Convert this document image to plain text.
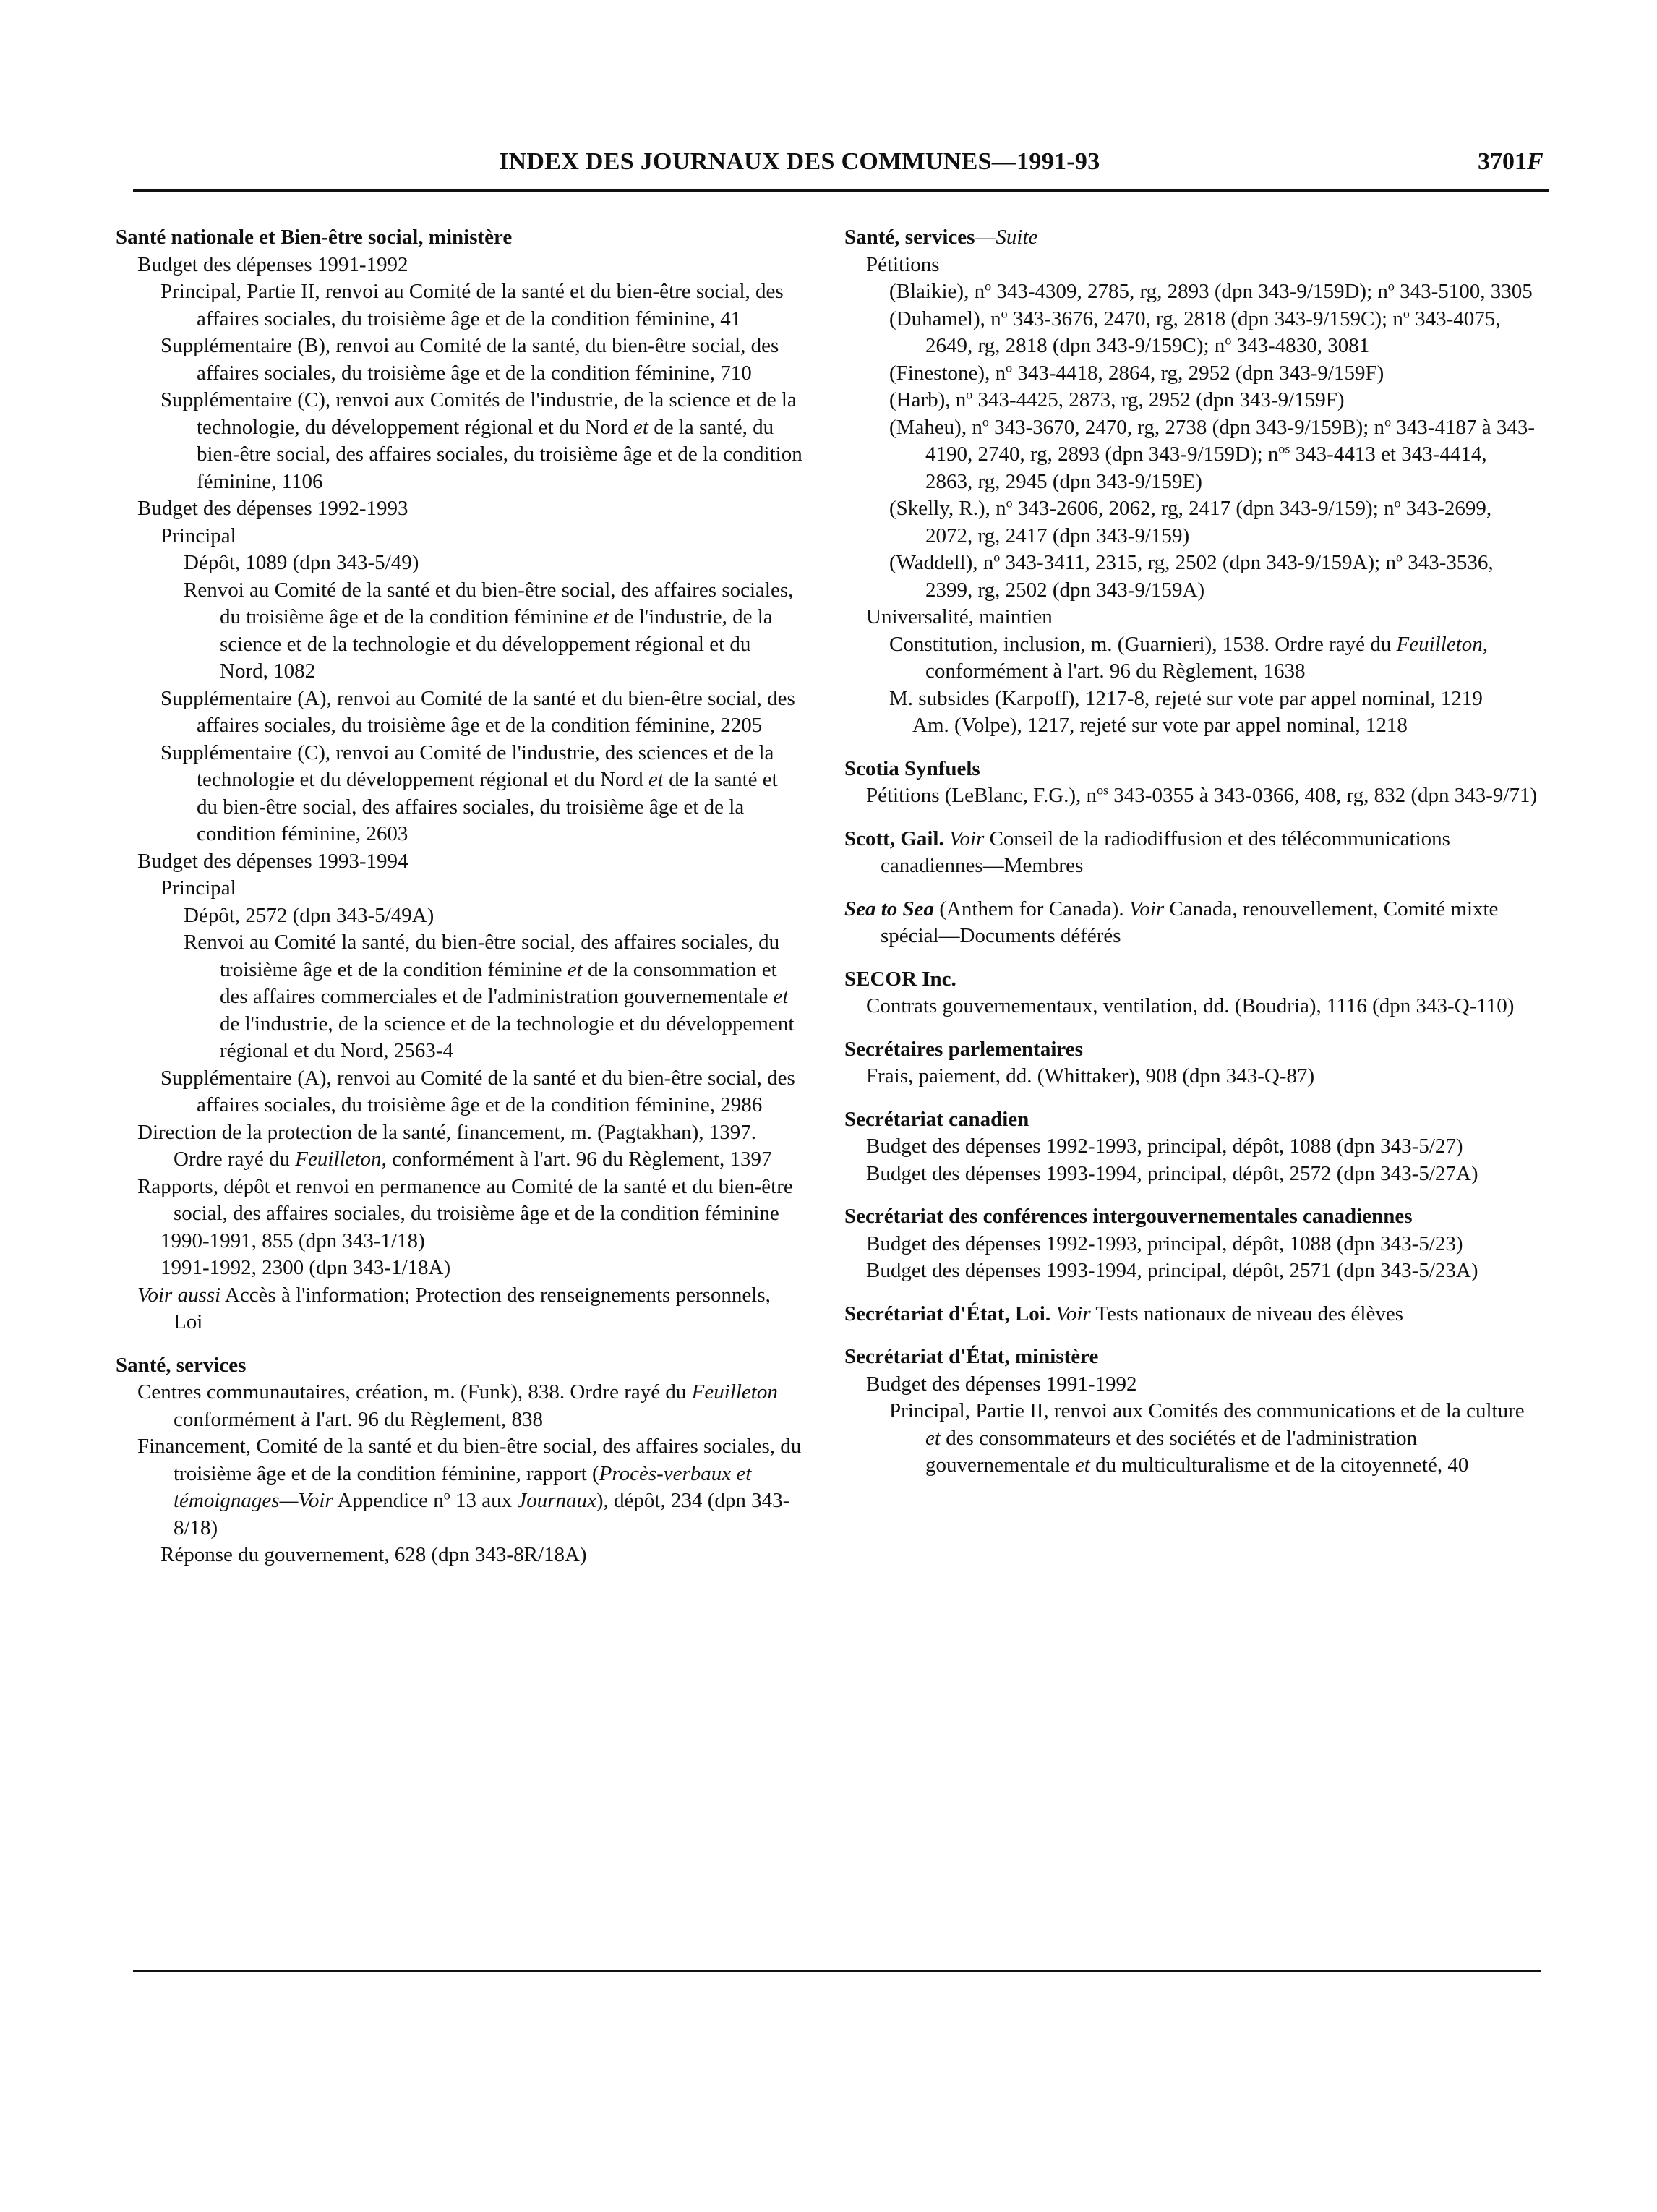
INDEX DES JOURNAUX DES COMMUNES—1991-93	3701F
Santé nationale et Bien-être social, ministère
Budget des dépenses 1991-1992
Principal, Partie II, renvoi au Comité de la santé et du bien-être social, des affaires sociales, du troisième âge et de la condition féminine, 41
Supplémentaire (B), renvoi au Comité de la santé, du bien-être social, des affaires sociales, du troisième âge et de la condition féminine, 710
Supplémentaire (C), renvoi aux Comités de l'industrie, de la science et de la technologie, du développement régional et du Nord et de la santé, du bien-être social, des affaires sociales, du troisième âge et de la condition féminine, 1106
Budget des dépenses 1992-1993
Principal
Dépôt, 1089 (dpn 343-5/49)
Renvoi au Comité de la santé et du bien-être social, des affaires sociales, du troisième âge et de la condition féminine et de l'industrie, de la science et de la technologie et du développement régional et du Nord, 1082
Supplémentaire (A), renvoi au Comité de la santé et du bien-être social, des affaires sociales, du troisième âge et de la condition féminine, 2205
Supplémentaire (C), renvoi au Comité de l'industrie, des sciences et de la technologie et du développement régional et du Nord et de la santé et du bien-être social, des affaires sociales, du troisième âge et de la condition féminine, 2603
Budget des dépenses 1993-1994
Principal
Dépôt, 2572 (dpn 343-5/49A)
Renvoi au Comité la santé, du bien-être social, des affaires sociales, du troisième âge et de la condition féminine et de la consommation et des affaires commerciales et de l'administration gouvernementale et de l'industrie, de la science et de la technologie et du développement régional et du Nord, 2563-4
Supplémentaire (A), renvoi au Comité de la santé et du bien-être social, des affaires sociales, du troisième âge et de la condition féminine, 2986
Direction de la protection de la santé, financement, m. (Pagtakhan), 1397. Ordre rayé du Feuilleton, conformément à l'art. 96 du Règlement, 1397
Rapports, dépôt et renvoi en permanence au Comité de la santé et du bien-être social, des affaires sociales, du troisième âge et de la condition féminine
1990-1991, 855 (dpn 343-1/18)
1991-1992, 2300 (dpn 343-1/18A)
Voir aussi Accès à l'information; Protection des renseignements personnels, Loi
Santé, services
Centres communautaires, création, m. (Funk), 838. Ordre rayé du Feuilleton conformément à l'art. 96 du Règlement, 838
Financement, Comité de la santé et du bien-être social, des affaires sociales, du troisième âge et de la condition féminine, rapport (Procès-verbaux et témoignages—Voir Appendice $n^o$ 13 aux Journaux), dépôt, 234 (dpn 343-8/18)
Réponse du gouvernement, 628 (dpn 343-8R/18A)
Santé, services—Suite
Pétitions
(Blaikie), $n^o$ 343-4309, 2785, rg, 2893 (dpn 343-9/159D); $n^o$ 343-5100, 3305
(Duhamel), $n^o$ 343-3676, 2470, rg, 2818 (dpn 343-9/159C); $n^o$ 343-4075, 2649, rg, 2818 (dpn 343-9/159C); $n^o$ 343-4830, 3081
(Finestone), $n^o$ 343-4418, 2864, rg, 2952 (dpn 343-9/159F)
(Harb), $n^o$ 343-4425, 2873, rg, 2952 (dpn 343-9/159F)
(Maheu), $n^o$ 343-3670, 2470, rg, 2738 (dpn 343-9/159B); $n^o$ 343-4187 à 343-4190, 2740, rg, 2893 (dpn 343-9/159D); $n^{os}$ 343-4413 et 343-4414, 2863, rg, 2945 (dpn 343-9/159E)
(Skelly, R.), $n^o$ 343-2606, 2062, rg, 2417 (dpn 343-9/159); $n^o$ 343-2699, 2072, rg, 2417 (dpn 343-9/159)
(Waddell), $n^o$ 343-3411, 2315, rg, 2502 (dpn 343-9/159A); $n^o$ 343-3536, 2399, rg, 2502 (dpn 343-9/159A)
Universalité, maintien
Constitution, inclusion, m. (Guarnieri), 1538. Ordre rayé du Feuilleton, conformément à l'art. 96 du Règlement, 1638
M. subsides (Karpoff), 1217-8, rejeté sur vote par appel nominal, 1219
Am. (Volpe), 1217, rejeté sur vote par appel nominal, 1218
Scotia Synfuels
Pétitions (LeBlanc, F.G.), $n^{os}$ 343-0355 à 343-0366, 408, rg, 832 (dpn 343-9/71)
Scott, Gail. Voir Conseil de la radiodiffusion et des télécommunications canadiennes—Membres
Sea to Sea (Anthem for Canada). Voir Canada, renouvellement, Comité mixte spécial—Documents déférés
SECOR Inc.
Contrats gouvernementaux, ventilation, dd. (Boudria), 1116 (dpn 343-Q-110)
Secrétaires parlementaires
Frais, paiement, dd. (Whittaker), 908 (dpn 343-Q-87)
Secrétariat canadien
Budget des dépenses 1992-1993, principal, dépôt, 1088 (dpn 343-5/27)
Budget des dépenses 1993-1994, principal, dépôt, 2572 (dpn 343-5/27A)
Secrétariat des conférences intergouvernementales canadiennes
Budget des dépenses 1992-1993, principal, dépôt, 1088 (dpn 343-5/23)
Budget des dépenses 1993-1994, principal, dépôt, 2571 (dpn 343-5/23A)
Secrétariat d'État, Loi. Voir Tests nationaux de niveau des élèves
Secrétariat d'État, ministère
Budget des dépenses 1991-1992
Principal, Partie II, renvoi aux Comités des communications et de la culture et des consommateurs et des sociétés et de l'administration gouvernementale et du multiculturalisme et de la citoyenneté, 40
